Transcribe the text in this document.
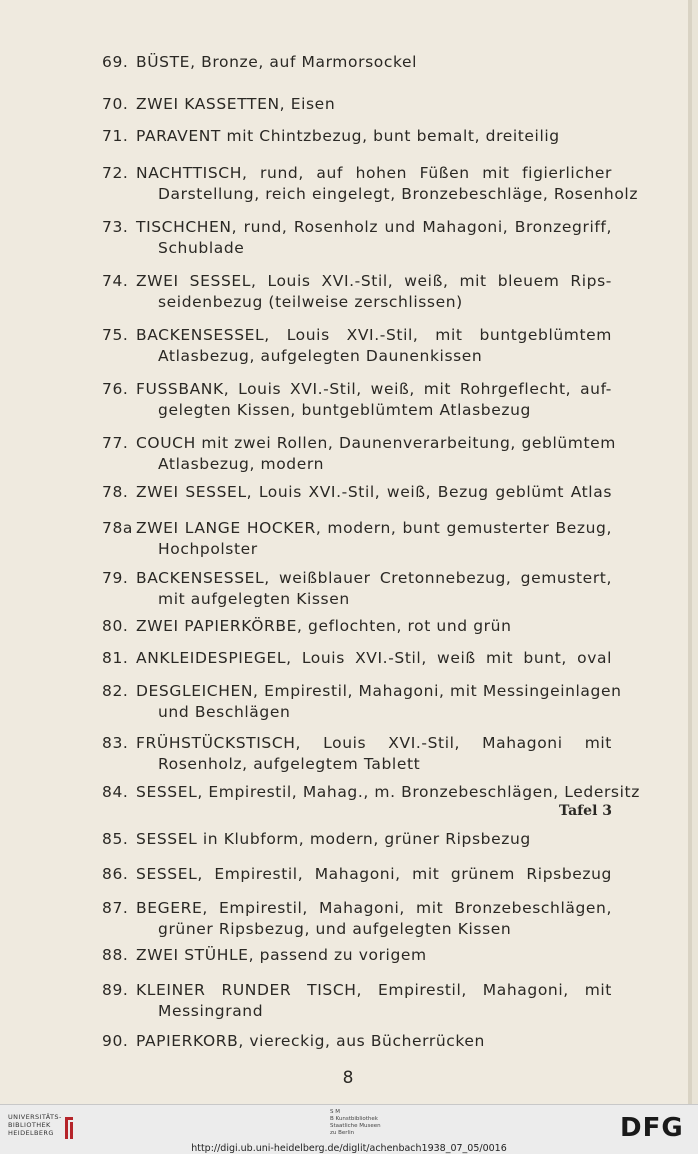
69. BÜSTE, Bronze, auf Marmorsockel
70. ZWEI KASSETTEN, Eisen
71. PARAVENT mit Chintzbezug, bunt bemalt, dreiteilig
72. NACHTTISCH, rund, auf hohen Füßen mit figierlicher
Darstellung, reich eingelegt, Bronzebeschläge, Rosenholz
73. TISCHCHEN, rund, Rosenholz und Mahagoni, Bronzegriff,
Schublade
74. ZWEI SESSEL, Louis XVI.-Stil, weiß, mit bleuem Rips-
seidenbezug (teilweise zerschlissen)
75. BACKENSESSEL, Louis XVI.-Stil, mit buntgeblümtem
Atlasbezug, aufgelegten Daunenkissen
76. FUSSBANK, Louis XVI.-Stil, weiß, mit Rohrgeflecht, auf-
gelegten Kissen, buntgeblümtem Atlasbezug
77. COUCH mit zwei Rollen, Daunenverarbeitung, geblümtem
Atlasbezug, modern
78. ZWEI SESSEL, Louis XVI.-Stil, weiß, Bezug geblümt Atlas
78a ZWEI LANGE HOCKER, modern, bunt gemusterter Bezug,
Hochpolster
79. BACKENSESSEL, weißblauer Cretonnebezug, gemustert,
mit aufgelegten Kissen
80. ZWEI PAPIERKÖRBE, geflochten, rot und grün
81. ANKLEIDESPIEGEL, Louis XVI.-Stil, weiß mit bunt, oval
82. DESGLEICHEN, Empirestil, Mahagoni, mit Messingeinlagen
und Beschlägen
83. FRÜHSTÜCKSTISCH, Louis XVI.-Stil, Mahagoni mit
Rosenholz, aufgelegtem Tablett
84. SESSEL, Empirestil, Mahag., m. Bronzebeschlägen, Ledersitz
85. SESSEL in Klubform, modern, grüner Ripsbezug
86. SESSEL, Empirestil, Mahagoni, mit grünem Ripsbezug
87. BEGERE, Empirestil, Mahagoni, mit Bronzebeschlägen,
grüner Ripsbezug, und aufgelegten Kissen
88. ZWEI STÜHLE, passend zu vorigem
89. KLEINER RUNDER TISCH, Empirestil, Mahagoni, mit
Messingrand
90. PAPIERKORB, viereckig, aus Bücherrücken
Tafel 3
8
UNIVERSITÄTS-
BIBLIOTHEK
HEIDELBERG
S M
B Kunstbibliothek
Staatliche Museen
zu Berlin	DFG
http://digi.ub.uni-heidelberg.de/diglit/achenbach1938_07_05/0016
